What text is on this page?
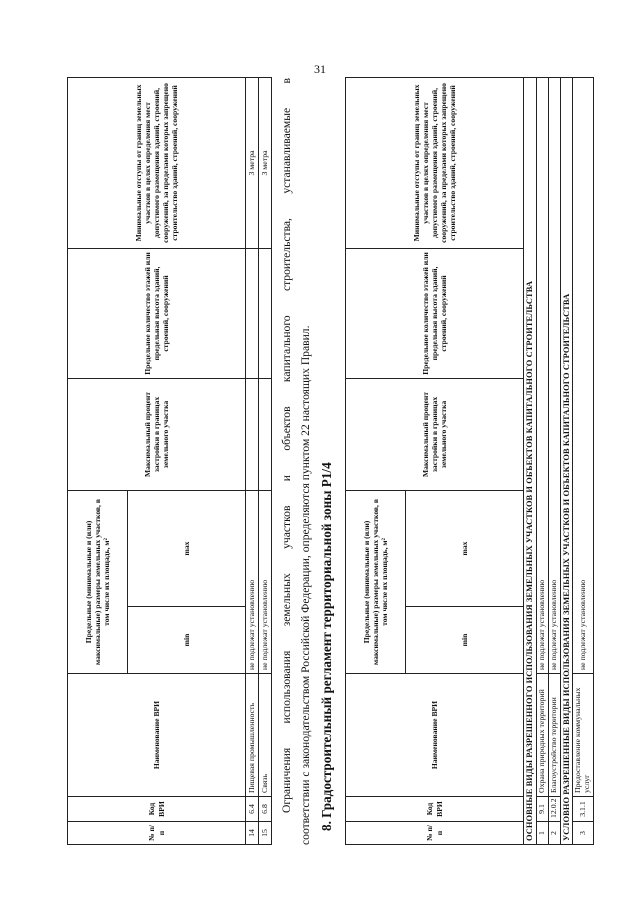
31
№ п/п	Код ВРИ	Наименование ВРИ	Предельные (минимальные и (или) максимальные) размеры земельных участков, в том числе их площадь, м²		Максимальный процент застройки в границах земельного участка	Предельное количество этажей или предельная высота зданий, строений, сооружений	Минимальные отступы от границ земельных участков в целях определения мест допустимого размещения зданий, строений, сооружений, за пределами которых запрещено строительство зданий, строений, сооружений
			min	max			
14	6.4	Пищевая промышленность	не подлежат установлению				3 метра
15	6.8	Связь	не подлежат установлению				3 метра Ограничения использования земельных участков и объектов капитального строительства, устанавливаемые в соответствии с законодательством Российской Федерации, определяются пунктом 22 настоящих Правил. 8. Градостроительный регламент территориальной зоны Р1/4
№ п/п	Код ВРИ	Наименование ВРИ	Предельные (минимальные и (или) максимальные) размеры земельных участков, в том числе их площадь, м²		Максимальный процент застройки в границах земельного участка	Предельное количество этажей или предельная высота зданий, строений, сооружений	Минимальные отступы от границ земельных участков в целях определения мест допустимого размещения зданий, строений, сооружений, за пределами которых запрещено строительство зданий, строений, сооружений
			min	max			
ОСНОВНЫЕ ВИДЫ РАЗРЕШЕННОГО ИСПОЛЬЗОВАНИЯ ЗЕМЕЛЬНЫХ УЧАСТКОВ И ОБЪЕКТОВ КАПИТАЛЬНОГО СТРОИТЕЛЬСТВА							
1	9.1	Охрана природных территорий	не подлежат установлению				
2	12.0.2	Благоустройство территории	не подлежат установлению				
УСЛОВНО РАЗРЕШЕННЫЕ ВИДЫ ИСПОЛЬЗОВАНИЯ ЗЕМЕЛЬНЫХ УЧАСТКОВ И ОБЪЕКТОВ КАПИТАЛЬНОГО СТРОИТЕЛЬСТВА							
3	3.1.1	Предоставление коммунальных услуг	не подлежат установлению				
